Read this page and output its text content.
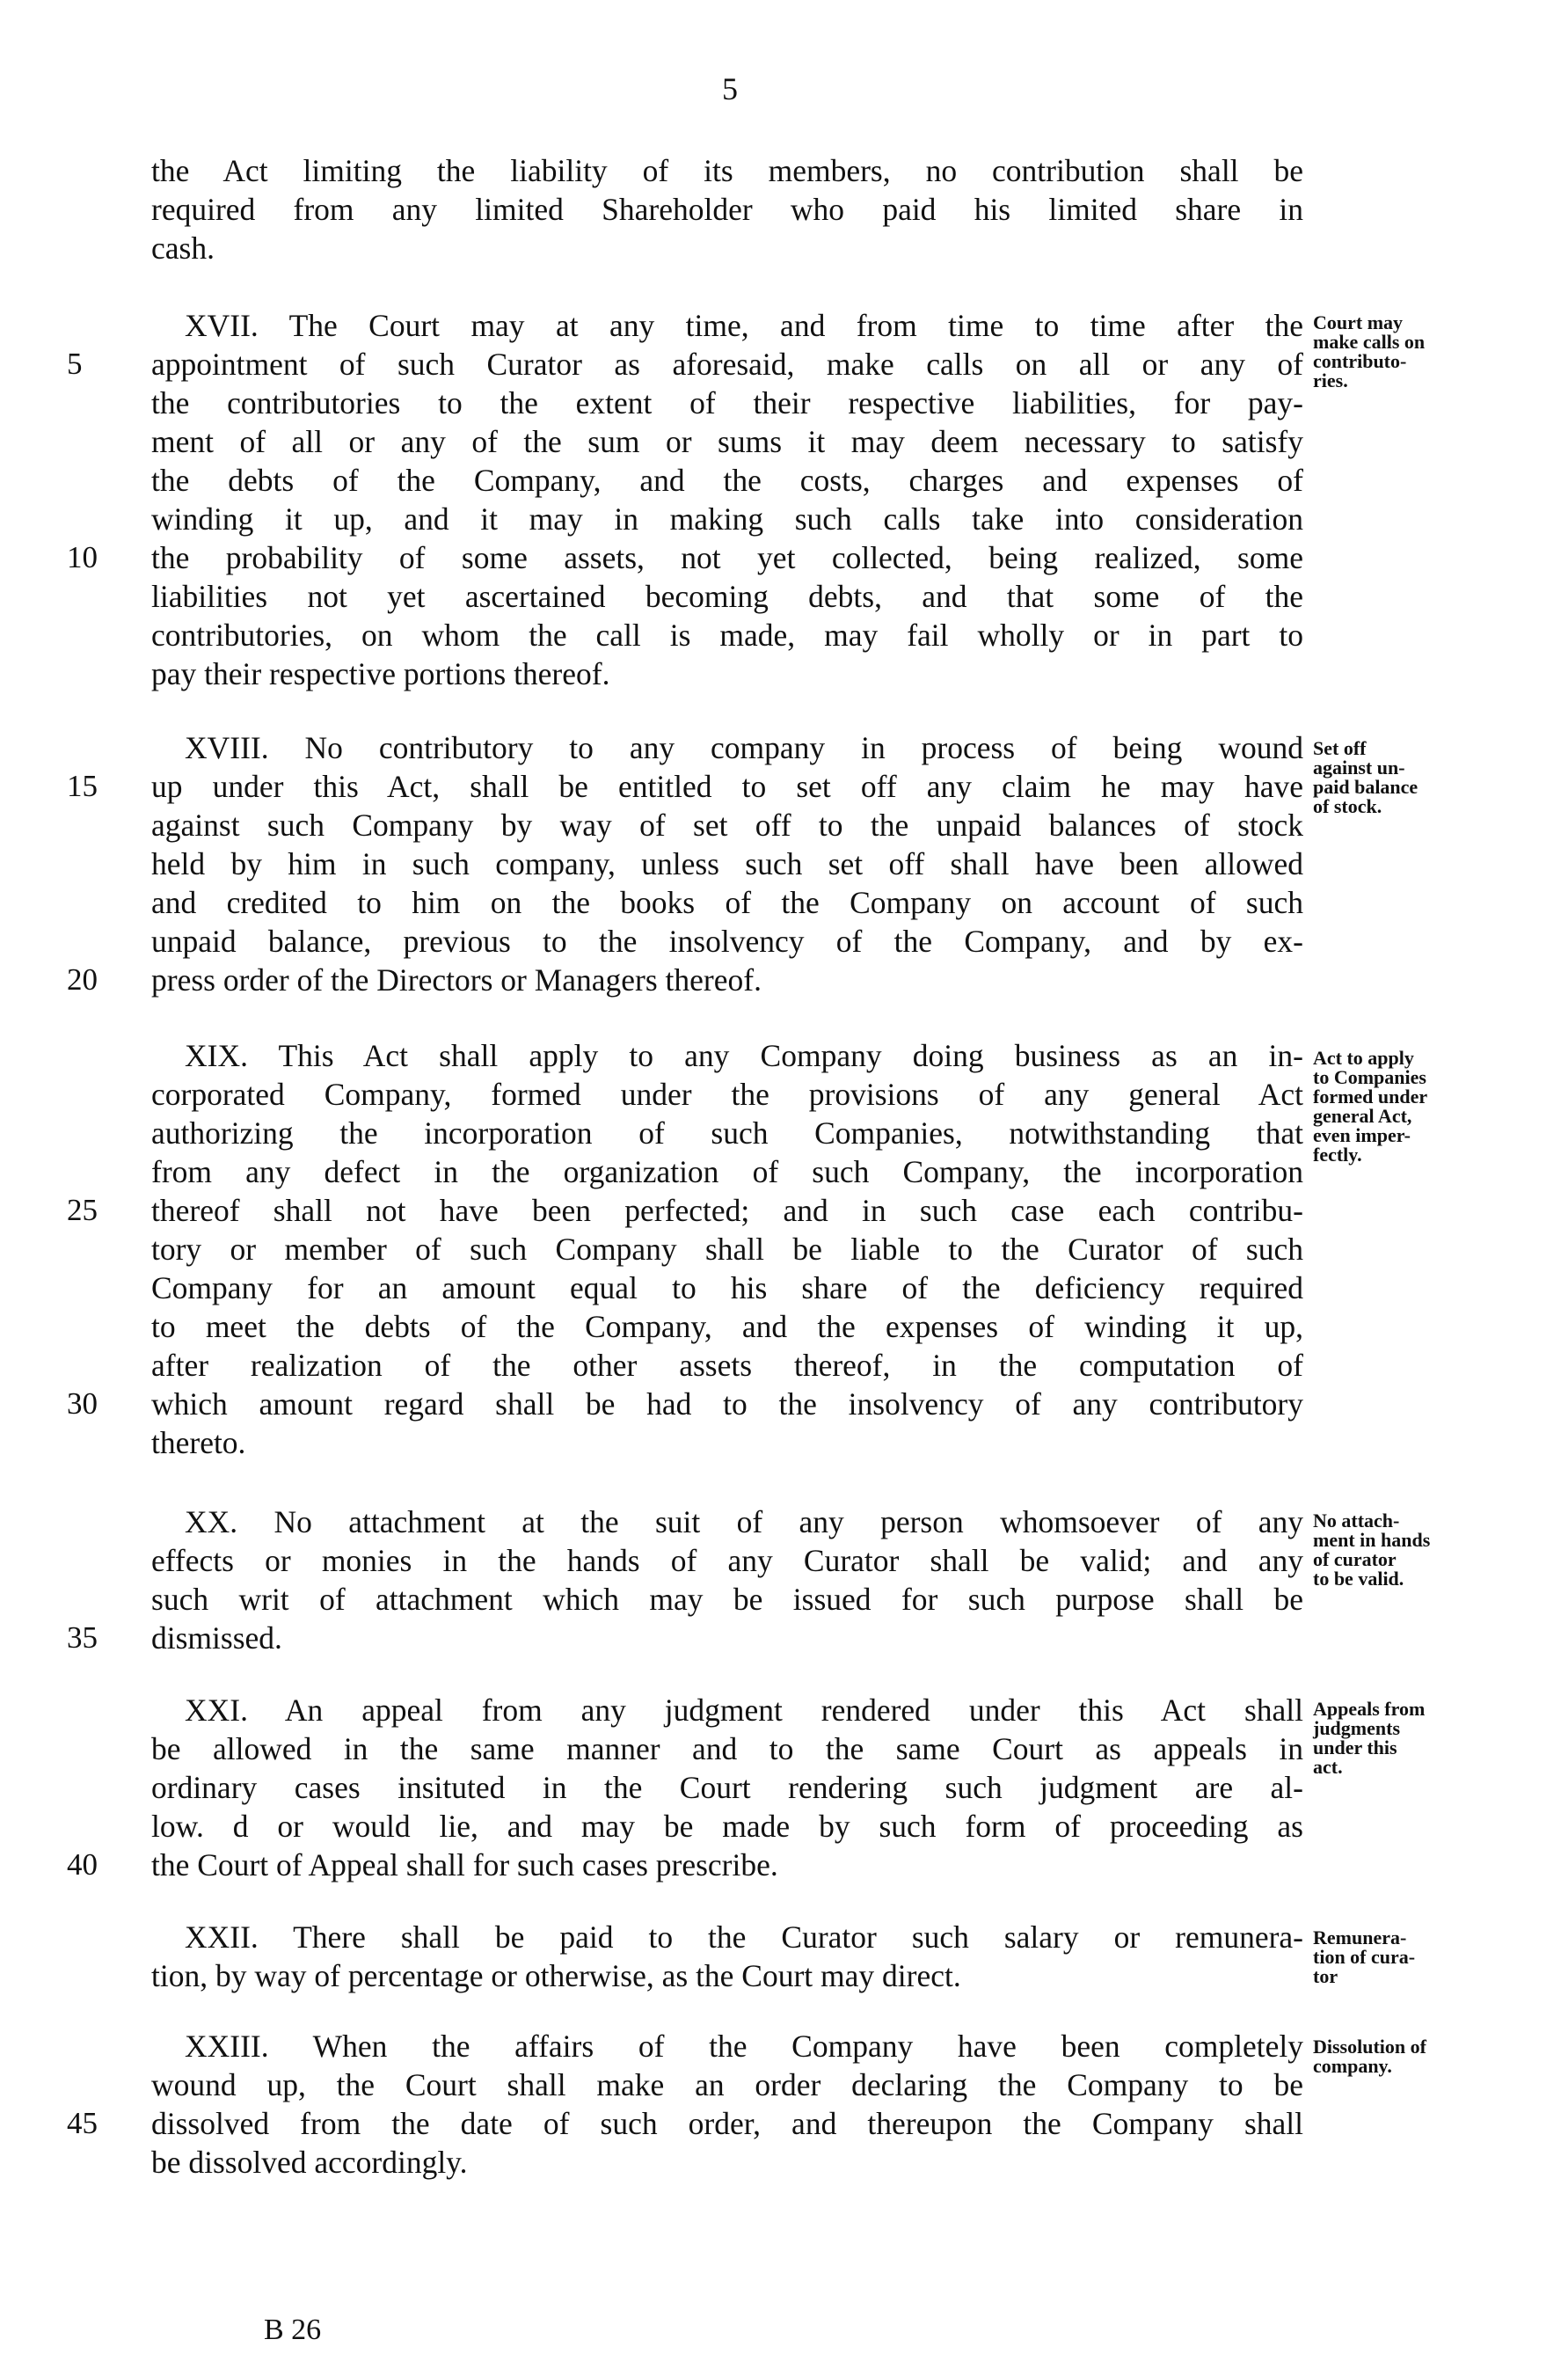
5
the Act limiting the liability of its members, no contribution shall be
required from any limited Shareholder who paid his limited share in
cash.
XVII. The Court may at any time, and from time to time after the
appointment of such Curator as aforesaid, make calls on all or any of
the contributories to the extent of their respective liabilities, for pay-
ment of all or any of the sum or sums it may deem necessary to satisfy
the debts of the Company, and the costs, charges and expenses of
winding it up, and it may in making such calls take into consideration
the probability of some assets, not yet collected, being realized, some
liabilities not yet ascertained becoming debts, and that some of the
contributories, on whom the call is made, may fail wholly or in part to
pay their respective portions thereof.
Court may
make calls on
contributo-
ries.
XVIII. No contributory to any company in process of being wound
up under this Act, shall be entitled to set off any claim he may have
against such Company by way of set off to the unpaid balances of stock
held by him in such company, unless such set off shall have been allowed
and credited to him on the books of the Company on account of such
unpaid balance, previous to the insolvency of the Company, and by ex-
press order of the Directors or Managers thereof.
Set off
against un-
paid balance
of stock.
XIX. This Act shall apply to any Company doing business as an in-
corporated Company, formed under the provisions of any general Act
authorizing the incorporation of such Companies, notwithstanding that
from any defect in the organization of such Company, the incorporation
thereof shall not have been perfected; and in such case each contribu-
tory or member of such Company shall be liable to the Curator of such
Company for an amount equal to his share of the deficiency required
to meet the debts of the Company, and the expenses of winding it up,
after realization of the other assets thereof, in the computation of
which amount regard shall be had to the insolvency of any contributory
thereto.
Act to apply
to Companies
formed under
general Act,
even imper-
fectly.
XX. No attachment at the suit of any person whomsoever of any
effects or monies in the hands of any Curator shall be valid; and any
such writ of attachment which may be issued for such purpose shall be
dismissed.
No attach-
ment in hands
of curator
to be valid.
XXI. An appeal from any judgment rendered under this Act shall
be allowed in the same manner and to the same Court as appeals in
ordinary cases insituted in the Court rendering such judgment are al-
low. d or would lie, and may be made by such form of proceeding as
the Court of Appeal shall for such cases prescribe.
Appeals from
judgments
under this
act.
XXII. There shall be paid to the Curator such salary or remunera-
tion, by way of percentage or otherwise, as the Court may direct.
Remunera-
tion of cura-
tor
XXIII. When the affairs of the Company have been completely
wound up, the Court shall make an order declaring the Company to be
dissolved from the date of such order, and thereupon the Company shall
be dissolved accordingly.
Dissolution of
company.
5
10
15
20
25
30
35
40
45
B 26
